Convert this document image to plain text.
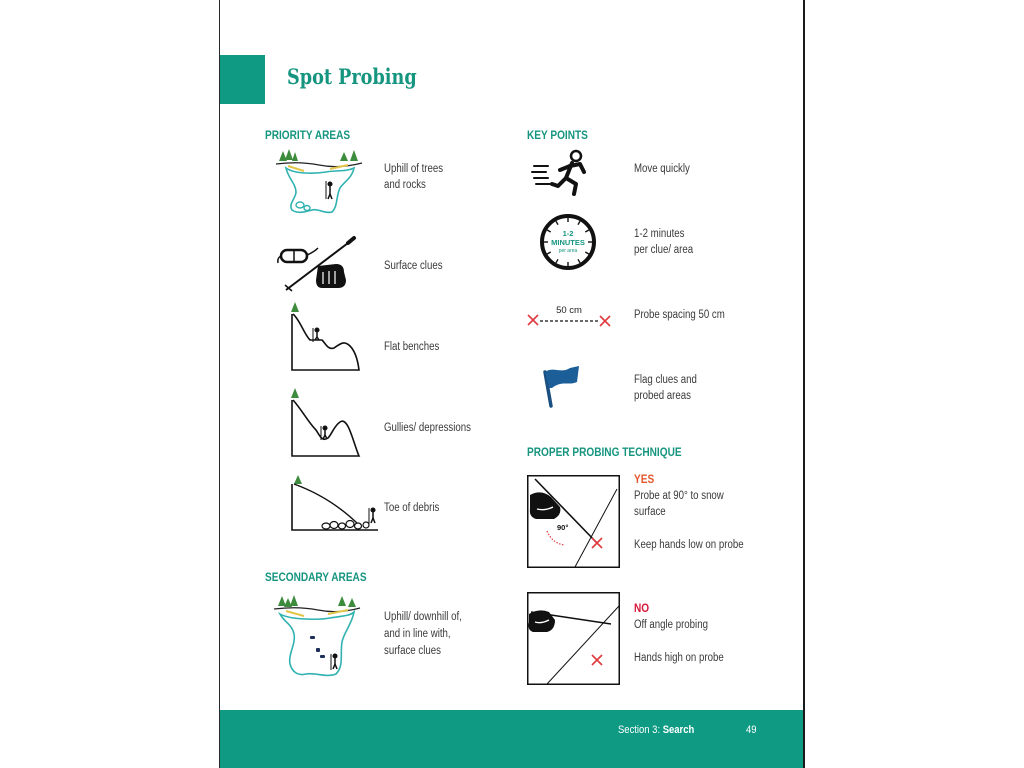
Spot Probing
PRIORITY AREAS
Uphill of trees
and rocks
Surface clues
Flat benches
Gullies/ depressions
Toe of debris
SECONDARY AREAS
Uphill/ downhill of,
and in line with,
surface clues
KEY POINTS
Move quickly
1-2
MINUTES
per area
1-2 minutes
per clue/ area
50 cm	Probe spacing 50 cm
Flag clues and
probed areas
PROPER PROBING TECHNIQUE
90°
YES
Probe at 90° to snow
surface
Keep hands low on probe
NO
Off angle probing
Hands high on probe
Section 3: Search	49
